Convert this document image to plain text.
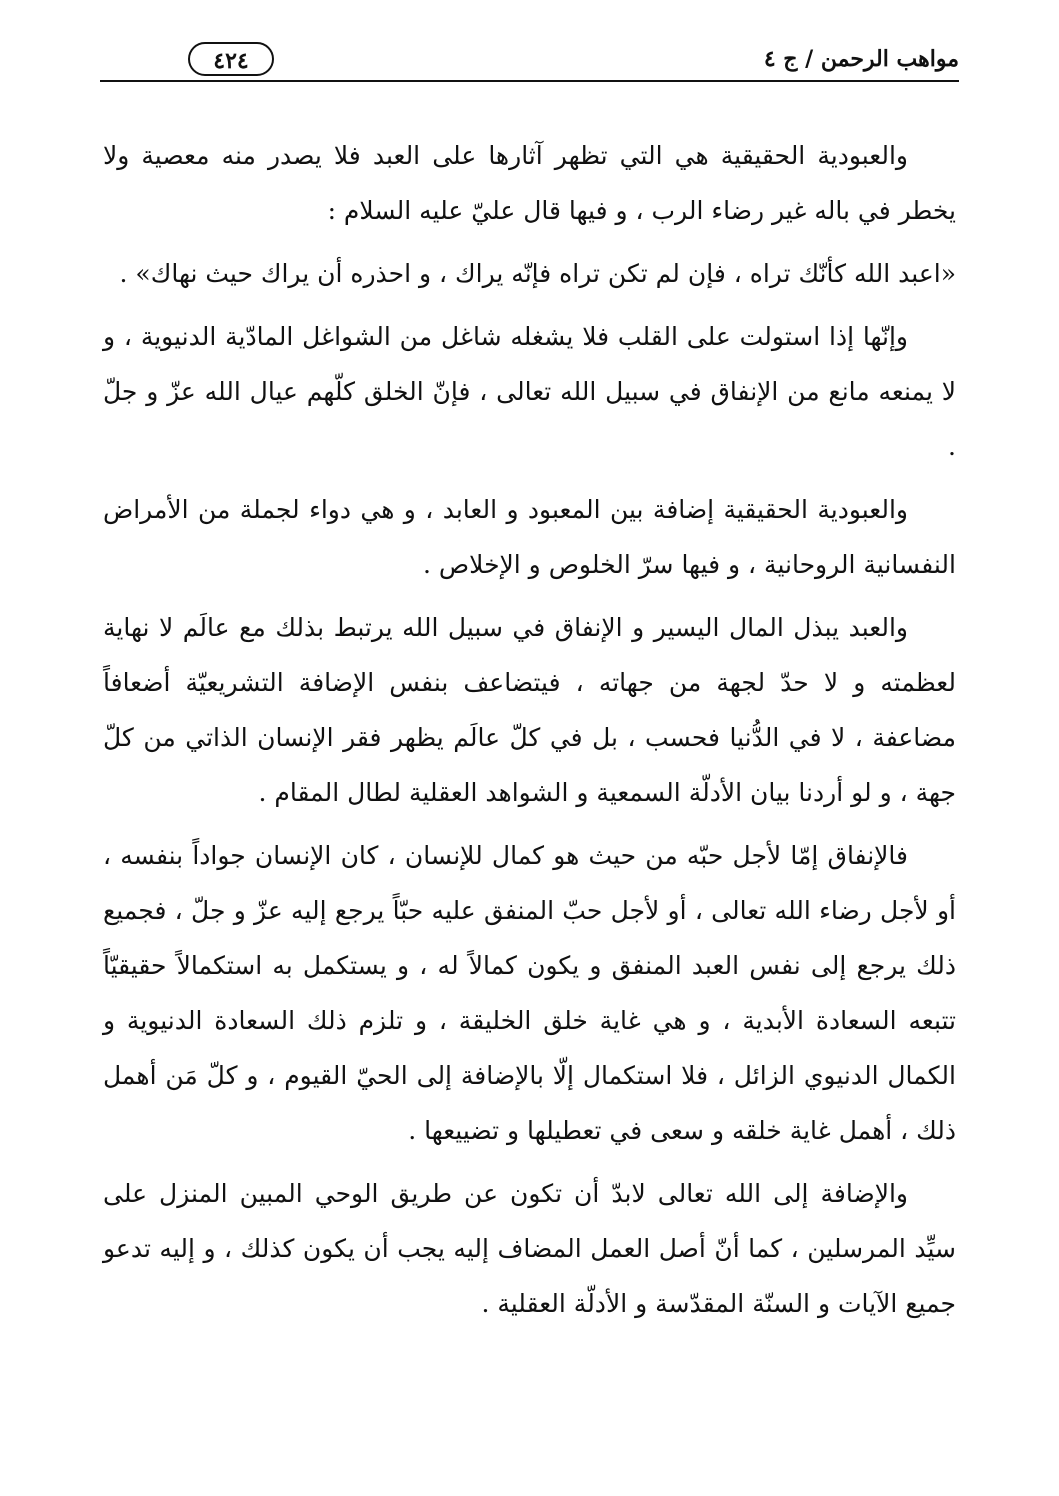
مواهب الرحمن / ج ٤
٤٢٤

والعبودية الحقيقية هي التي تظهر آثارها على العبد فلا يصدر منه معصية ولا يخطر في باله غير رضاء الرب ، و فيها قال عليّ عليه السلام :

«اعبد الله كأنّك تراه ، فإن لم تكن تراه فإنّه يراك ، و احذره أن يراك حيث نهاك» .

وإنّها إذا استولت على القلب فلا يشغله شاغل من الشواغل المادّية الدنيوية ، و لا يمنعه مانع من الإنفاق في سبيل الله تعالى ، فإنّ الخلق كلّهم عيال الله عزّ و جلّ .

والعبودية الحقيقية إضافة بين المعبود و العابد ، و هي دواء لجملة من الأمراض النفسانية الروحانية ، و فيها سرّ الخلوص و الإخلاص .

والعبد يبذل المال اليسير و الإنفاق في سبيل الله يرتبط بذلك مع عالَم لا نهاية لعظمته و لا حدّ لجهة من جهاته ، فيتضاعف بنفس الإضافة التشريعيّة أضعافاً مضاعفة ، لا في الدُّنيا فحسب ، بل في كلّ عالَم يظهر فقر الإنسان الذاتي من كلّ جهة ، و لو أردنا بيان الأدلّة السمعية و الشواهد العقلية لطال المقام .

فالإنفاق إمّا لأجل حبّه من حيث هو كمال للإنسان ، كان الإنسان جواداً بنفسه ، أو لأجل رضاء الله تعالى ، أو لأجل حبّ المنفق عليه حبّاً يرجع إليه عزّ و جلّ ، فجميع ذلك يرجع إلى نفس العبد المنفق و يكون كمالاً له ، و يستكمل به استكمالاً حقيقيّاً تتبعه السعادة الأبدية ، و هي غاية خلق الخليقة ، و تلزم ذلك السعادة الدنيوية و الكمال الدنيوي الزائل ، فلا استكمال إلّا بالإضافة إلى الحيّ القيوم ، و كلّ مَن أهمل ذلك ، أهمل غاية خلقه و سعى في تعطيلها و تضييعها .

والإضافة إلى الله تعالى لابدّ أن تكون عن طريق الوحي المبين المنزل على سيِّد المرسلين ، كما أنّ أصل العمل المضاف إليه يجب أن يكون كذلك ، و إليه تدعو جميع الآيات و السنّة المقدّسة و الأدلّة العقلية .
